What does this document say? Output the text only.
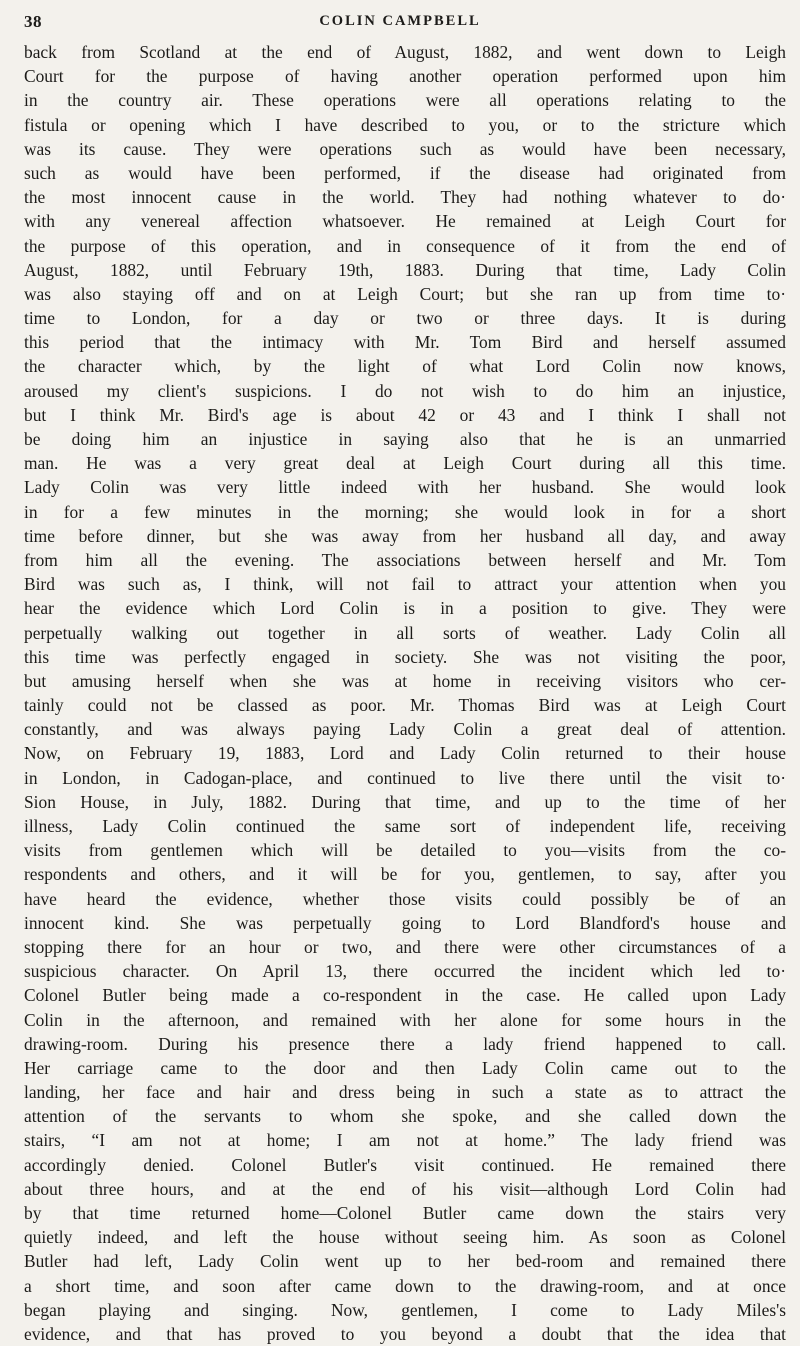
38	COLIN CAMPBELL
back from Scotland at the end of August, 1882, and went down to Leigh
Court for the purpose of having another operation performed upon him
in the country air. These operations were all operations relating to the
fistula or opening which I have described to you, or to the stricture which
was its cause. They were operations such as would have been necessary,
such as would have been performed, if the disease had originated from
the most innocent cause in the world. They had nothing whatever to do·
with any venereal affection whatsoever. He remained at Leigh Court for
the purpose of this operation, and in consequence of it from the end of
August, 1882, until February 19th, 1883. During that time, Lady Colin
was also staying off and on at Leigh Court; but she ran up from time to·
time to London, for a day or two or three days. It is during
this period that the intimacy with Mr. Tom Bird and herself assumed
the character which, by the light of what Lord Colin now knows,
aroused my client's suspicions. I do not wish to do him an injustice,
but I think Mr. Bird's age is about 42 or 43 and I think I shall not
be doing him an injustice in saying also that he is an unmarried
man. He was a very great deal at Leigh Court during all this time.
Lady Colin was very little indeed with her husband. She would look
in for a few minutes in the morning; she would look in for a short
time before dinner, but she was away from her husband all day, and away
from him all the evening. The associations between herself and Mr. Tom
Bird was such as, I think, will not fail to attract your attention when you
hear the evidence which Lord Colin is in a position to give. They were
perpetually walking out together in all sorts of weather. Lady Colin all
this time was perfectly engaged in society. She was not visiting the poor,
but amusing herself when she was at home in receiving visitors who cer-
tainly could not be classed as poor. Mr. Thomas Bird was at Leigh Court
constantly, and was always paying Lady Colin a great deal of attention.
Now, on February 19, 1883, Lord and Lady Colin returned to their house
in London, in Cadogan-place, and continued to live there until the visit to·
Sion House, in July, 1882. During that time, and up to the time of her
illness, Lady Colin continued the same sort of independent life, receiving
visits from gentlemen which will be detailed to you—visits from the co-
respondents and others, and it will be for you, gentlemen, to say, after you
have heard the evidence, whether those visits could possibly be of an
innocent kind. She was perpetually going to Lord Blandford's house and
stopping there for an hour or two, and there were other circumstances of a
suspicious character. On April 13, there occurred the incident which led to·
Colonel Butler being made a co-respondent in the case. He called upon Lady
Colin in the afternoon, and remained with her alone for some hours in the
drawing-room. During his presence there a lady friend happened to call.
Her carriage came to the door and then Lady Colin came out to the
landing, her face and hair and dress being in such a state as to attract the
attention of the servants to whom she spoke, and she called down the
stairs, “I am not at home; I am not at home.” The lady friend was
accordingly denied. Colonel Butler's visit continued. He remained there
about three hours, and at the end of his visit—although Lord Colin had
by that time returned home—Colonel Butler came down the stairs very
quietly indeed, and left the house without seeing him. As soon as Colonel
Butler had left, Lady Colin went up to her bed-room and remained there
a short time, and soon after came down to the drawing-room, and at once
began playing and singing. Now, gentlemen, I come to Lady Miles's
evidence, and that has proved to you beyond a doubt that the idea that
